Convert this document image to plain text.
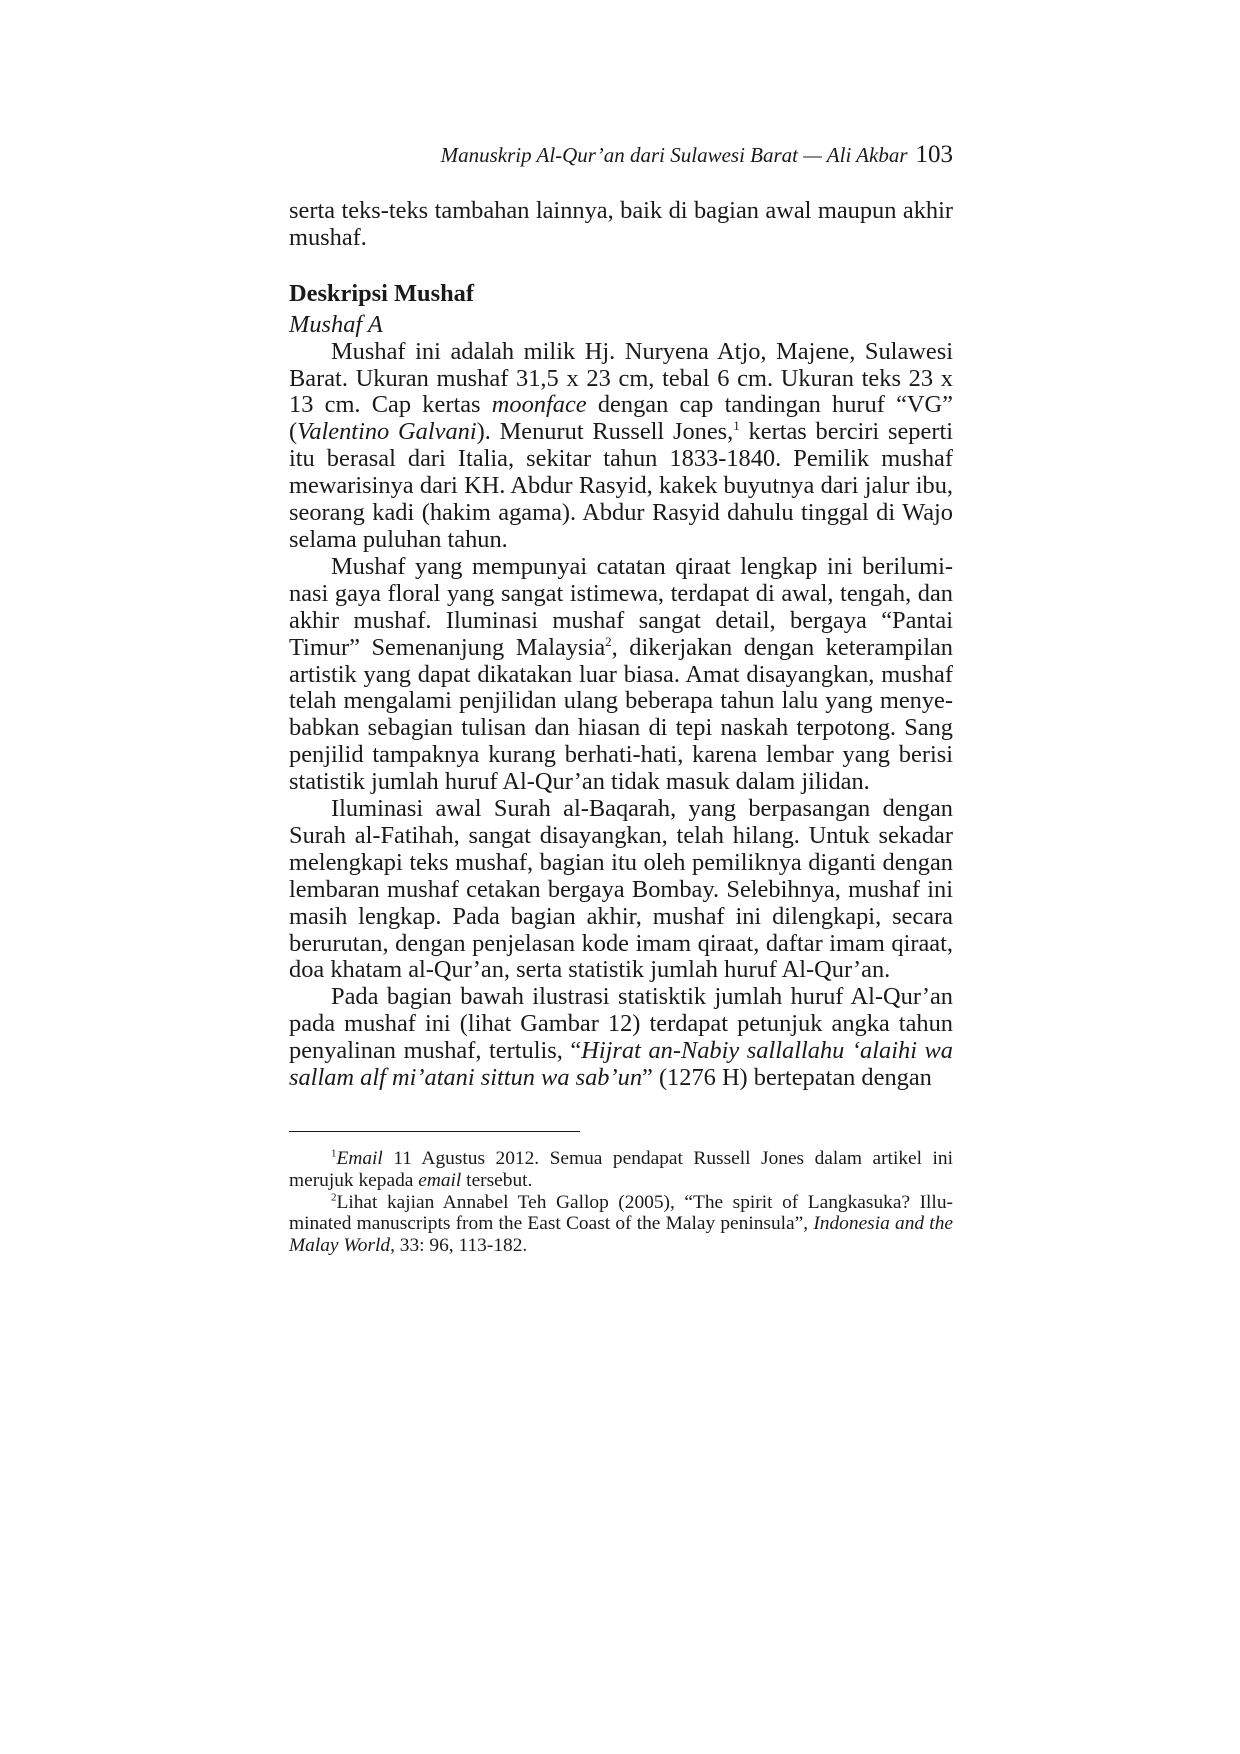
Manuskrip Al-Qur’an dari Sulawesi Barat — Ali Akbar 103

serta teks-teks tambahan lainnya, baik di bagian awal maupun akhir mushaf.

Deskripsi Mushaf
Mushaf A

Mushaf ini adalah milik Hj. Nuryena Atjo, Majene, Sulawesi Barat. Ukuran mushaf 31,5 x 23 cm, tebal 6 cm. Ukuran teks 23 x 13 cm. Cap kertas moonface dengan cap tandingan huruf “VG” (Valentino Galvani). Menurut Russell Jones,$^1$ kertas berciri seperti itu berasal dari Italia, sekitar tahun 1833-1840. Pemilik mushaf mewarisinya dari KH. Abdur Rasyid, kakek buyutnya dari jalur ibu, seorang kadi (hakim agama). Abdur Rasyid dahulu tinggal di Wajo selama puluhan tahun.

Mushaf yang mempunyai catatan qiraat lengkap ini beriluminasi gaya floral yang sangat istimewa, terdapat di awal, tengah, dan akhir mushaf. Iluminasi mushaf sangat detail, bergaya “Pantai Timur” Semenanjung Malaysia$^2$, dikerjakan dengan keterampilan artistik yang dapat dikatakan luar biasa. Amat disayangkan, mushaf telah mengalami penjilidan ulang beberapa tahun lalu yang menyebabkan sebagian tulisan dan hiasan di tepi naskah terpotong. Sang penjilid tampaknya kurang berhati-hati, karena lembar yang berisi statistik jumlah huruf Al-Qur’an tidak masuk dalam jilidan.

Iluminasi awal Surah al-Baqarah, yang berpasangan dengan Surah al-Fatihah, sangat disayangkan, telah hilang. Untuk sekadar melengkapi teks mushaf, bagian itu oleh pemiliknya diganti dengan lembaran mushaf cetakan bergaya Bombay. Selebihnya, mushaf ini masih lengkap. Pada bagian akhir, mushaf ini dilengkapi, secara berurutan, dengan penjelasan kode imam qiraat, daftar imam qiraat, doa khatam al-Qur’an, serta statistik jumlah huruf Al-Qur’an.

Pada bagian bawah ilustrasi statisktik jumlah huruf Al-Qur’an pada mushaf ini (lihat Gambar 12) terdapat petunjuk angka tahun penyalinan mushaf, tertulis, “Hijrat an-Nabiy sallallahu ‘alaihi wa sallam alf mi’atani sittun wa sab’un” (1276 H) bertepatan dengan

$^1$Email 11 Agustus 2012. Semua pendapat Russell Jones dalam artikel ini merujuk kepada email tersebut.

$^2$Lihat kajian Annabel Teh Gallop (2005), “The spirit of Langkasuka? Illuminated manuscripts from the East Coast of the Malay peninsula”, Indonesia and the Malay World, 33: 96, 113-182.
